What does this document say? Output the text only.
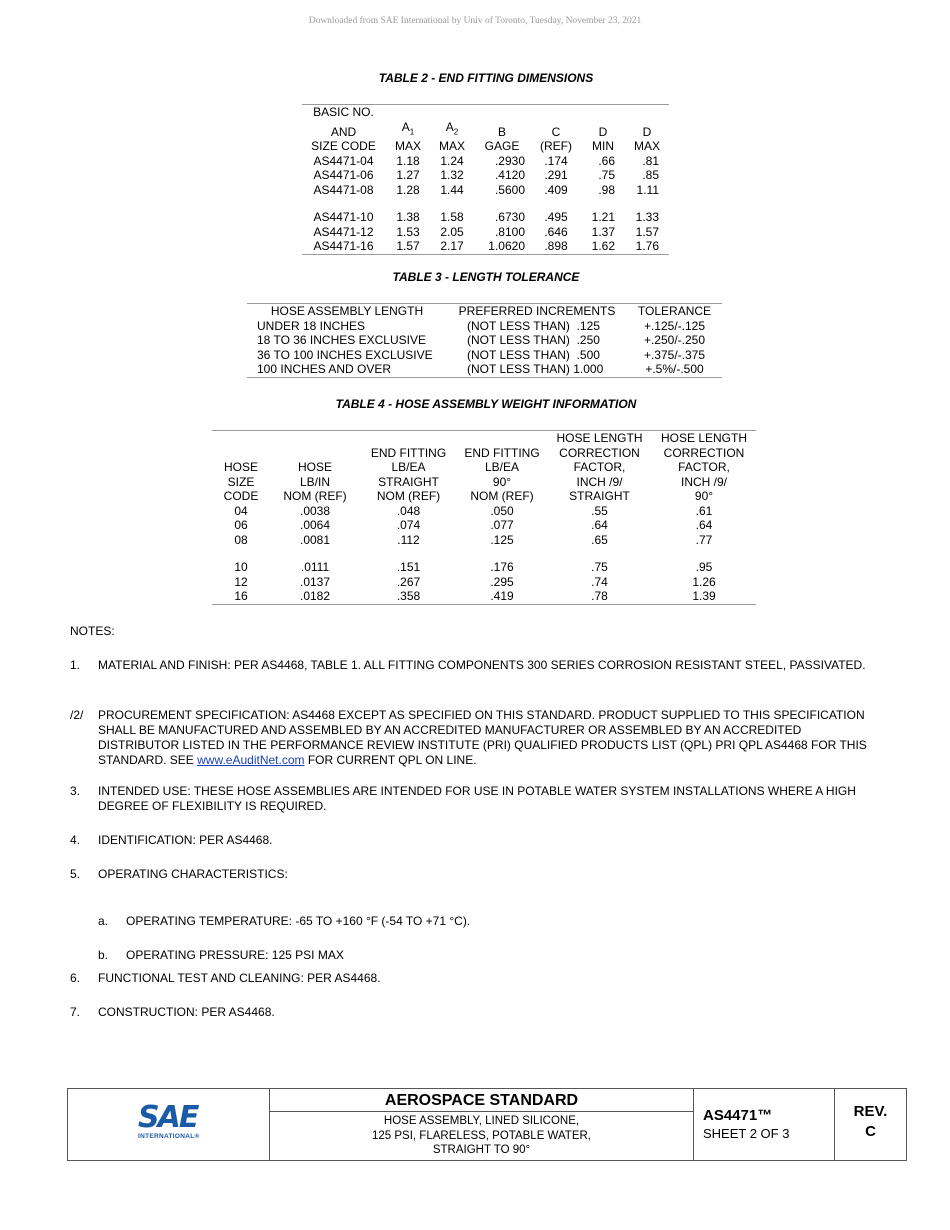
Downloaded from SAE International by Univ of Toronto, Tuesday, November 23, 2021
TABLE 2 - END FITTING DIMENSIONS
BASIC NO.						
AND	$A_1$	$A_2$	B	C	D	D
SIZE CODE	MAX	MAX	GAGE	(REF)	MIN	MAX
AS4471-04	1.18	1.24	.2930	.174	.66	.81
AS4471-06	1.27	1.32	.4120	.291	.75	.85
AS4471-08	1.28	1.44	.5600	.409	.98	1.11

AS4471-10	1.38	1.58	.6730	.495	1.21	1.33
AS4471-12	1.53	2.05	.8100	.646	1.37	1.57
AS4471-16	1.57	2.17	1.0620	.898	1.62	1.76
TABLE 3 - LENGTH TOLERANCE
HOSE ASSEMBLY LENGTH	PREFERRED INCREMENTS	TOLERANCE
UNDER 18 INCHES	(NOT LESS THAN)  .125	+.125/-.125
18 TO 36 INCHES EXCLUSIVE	(NOT LESS THAN)  .250	+.250/-.250
36 TO 100 INCHES EXCLUSIVE	(NOT LESS THAN)  .500	+.375/-.375
100 INCHES AND OVER	(NOT LESS THAN) 1.000	+.5%/-.500
TABLE 4 - HOSE ASSEMBLY WEIGHT INFORMATION
				HOSE LENGTH	HOSE LENGTH
		END FITTING	END FITTING	CORRECTION	CORRECTION
HOSE	HOSE	LB/EA	LB/EA	FACTOR,	FACTOR,
SIZE	LB/IN	STRAIGHT	90°	INCH /9/	INCH /9/
CODE	NOM (REF)	NOM (REF)	NOM (REF)	STRAIGHT	90°
04	.0038	.048	.050	.55	.61
06	.0064	.074	.077	.64	.64
08	.0081	.112	.125	.65	.77

10	.0111	.151	.176	.75	.95
12	.0137	.267	.295	.74	1.26
16	.0182	.358	.419	.78	1.39
NOTES:

1. MATERIAL AND FINISH: PER AS4468, TABLE 1. ALL FITTING COMPONENTS 300 SERIES CORROSION RESISTANT STEEL, PASSIVATED.

/2/ PROCUREMENT SPECIFICATION: AS4468 EXCEPT AS SPECIFIED ON THIS STANDARD. PRODUCT SUPPLIED TO THIS SPECIFICATION SHALL BE MANUFACTURED AND ASSEMBLED BY AN ACCREDITED MANUFACTURER OR ASSEMBLED BY AN ACCREDITED DISTRIBUTOR LISTED IN THE PERFORMANCE REVIEW INSTITUTE (PRI) QUALIFIED PRODUCTS LIST (QPL) PRI QPL AS4468 FOR THIS STANDARD. SEE www.eAuditNet.com FOR CURRENT QPL ON LINE.

3. INTENDED USE: THESE HOSE ASSEMBLIES ARE INTENDED FOR USE IN POTABLE WATER SYSTEM INSTALLATIONS WHERE A HIGH DEGREE OF FLEXIBILITY IS REQUIRED.

4. IDENTIFICATION: PER AS4468.

5. OPERATING CHARACTERISTICS:

a. OPERATING TEMPERATURE: -65 TO +160 °F (-54 TO +71 °C).

b. OPERATING PRESSURE: 125 PSI MAX

6. FUNCTIONAL TEST AND CLEANING: PER AS4468.

7. CONSTRUCTION: PER AS4468.

SAE
INTERNATIONAL®
AEROSPACE STANDARD
HOSE ASSEMBLY, LINED SILICONE,
125 PSI, FLARELESS, POTABLE WATER,
STRAIGHT TO 90°
AS4471™
SHEET 2 OF 3
REV.
C
